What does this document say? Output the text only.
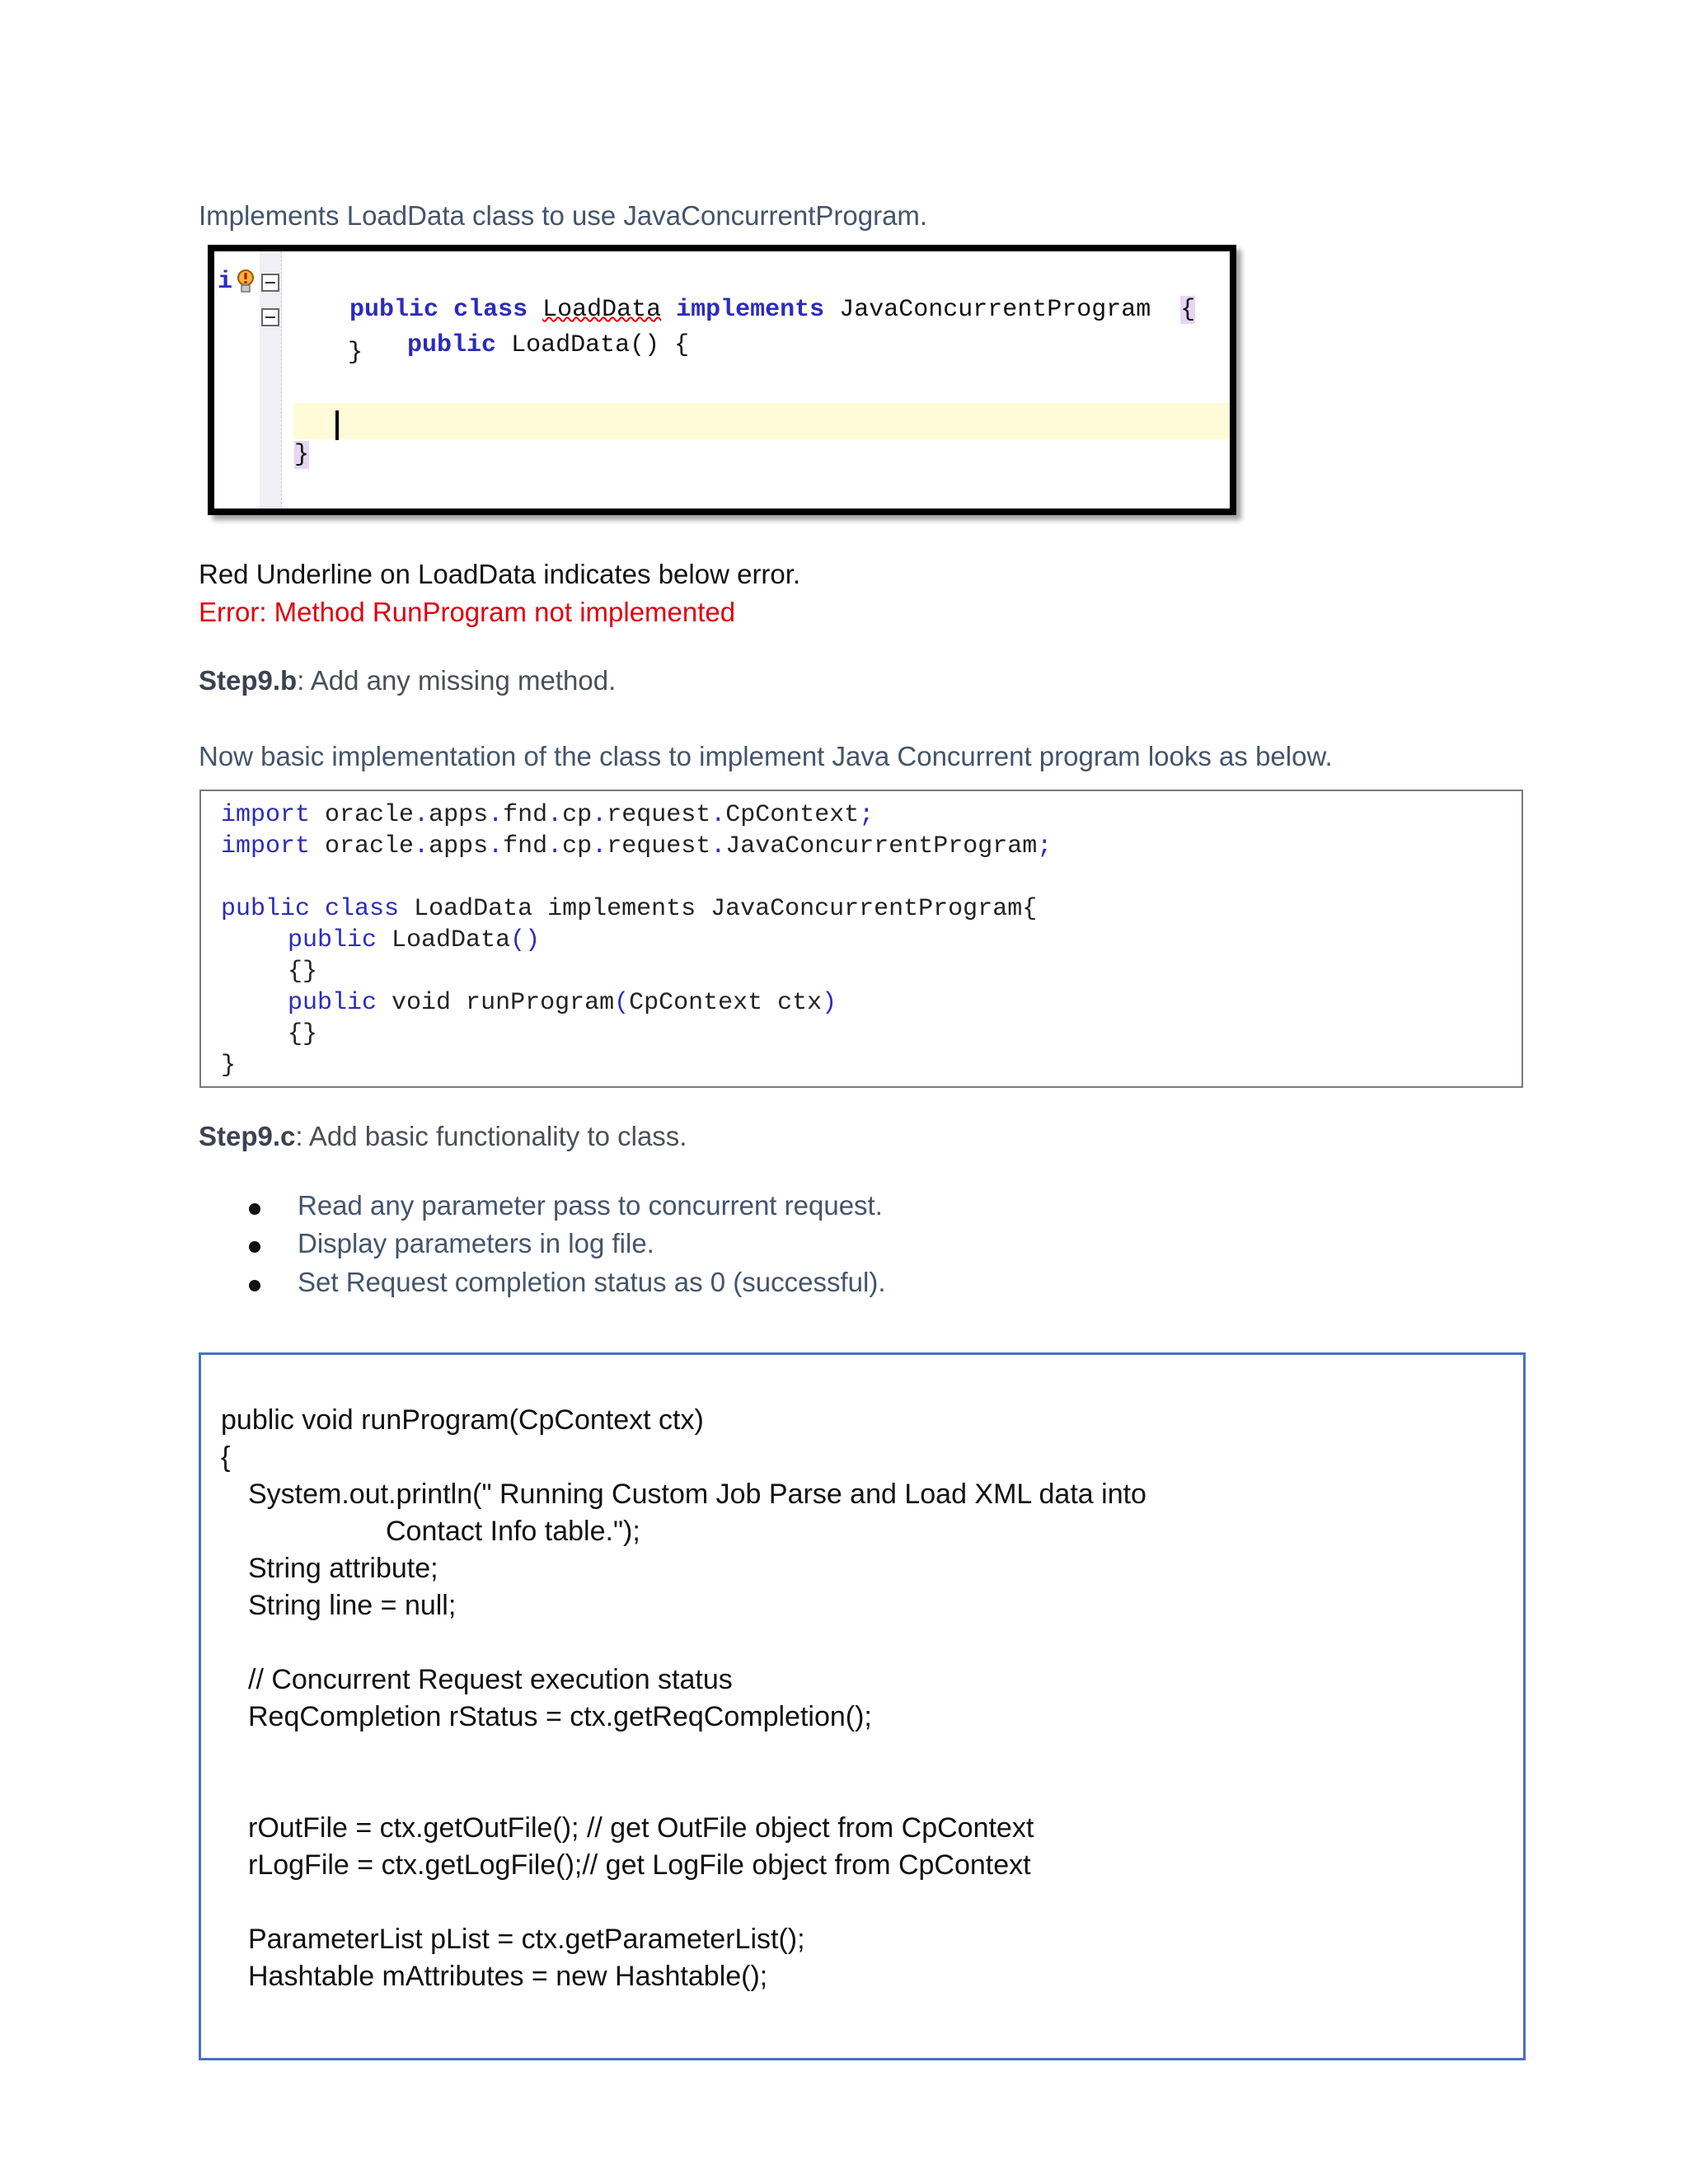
Implements LoadData class to use JavaConcurrentProgram.
i

public class LoadData implements JavaConcurrentProgram {

public LoadData() {

}
}
Red Underline on LoadData indicates below error.
Error: Method RunProgram not implemented
Step9.b: Add any missing method.
Now basic implementation of the class to implement Java Concurrent program looks as below.
import oracle.apps.fnd.cp.request.CpContext;
import oracle.apps.fnd.cp.request.JavaConcurrentProgram;
public class LoadData implements JavaConcurrentProgram{
public LoadData()
{}
public void runProgram(CpContext ctx)
{}
}
Step9.c: Add basic functionality to class.
Read any parameter pass to concurrent request.
Display parameters in log file.
Set Request completion status as 0 (successful).
public void runProgram(CpContext ctx)
{
System.out.println(" Running Custom Job Parse and Load XML data into
Contact Info table.");
String attribute;
String line = null;
// Concurrent Request execution status
ReqCompletion rStatus = ctx.getReqCompletion();
rOutFile = ctx.getOutFile(); // get OutFile object from CpContext
rLogFile = ctx.getLogFile();// get LogFile object from CpContext
ParameterList pList = ctx.getParameterList();
Hashtable mAttributes = new Hashtable();
